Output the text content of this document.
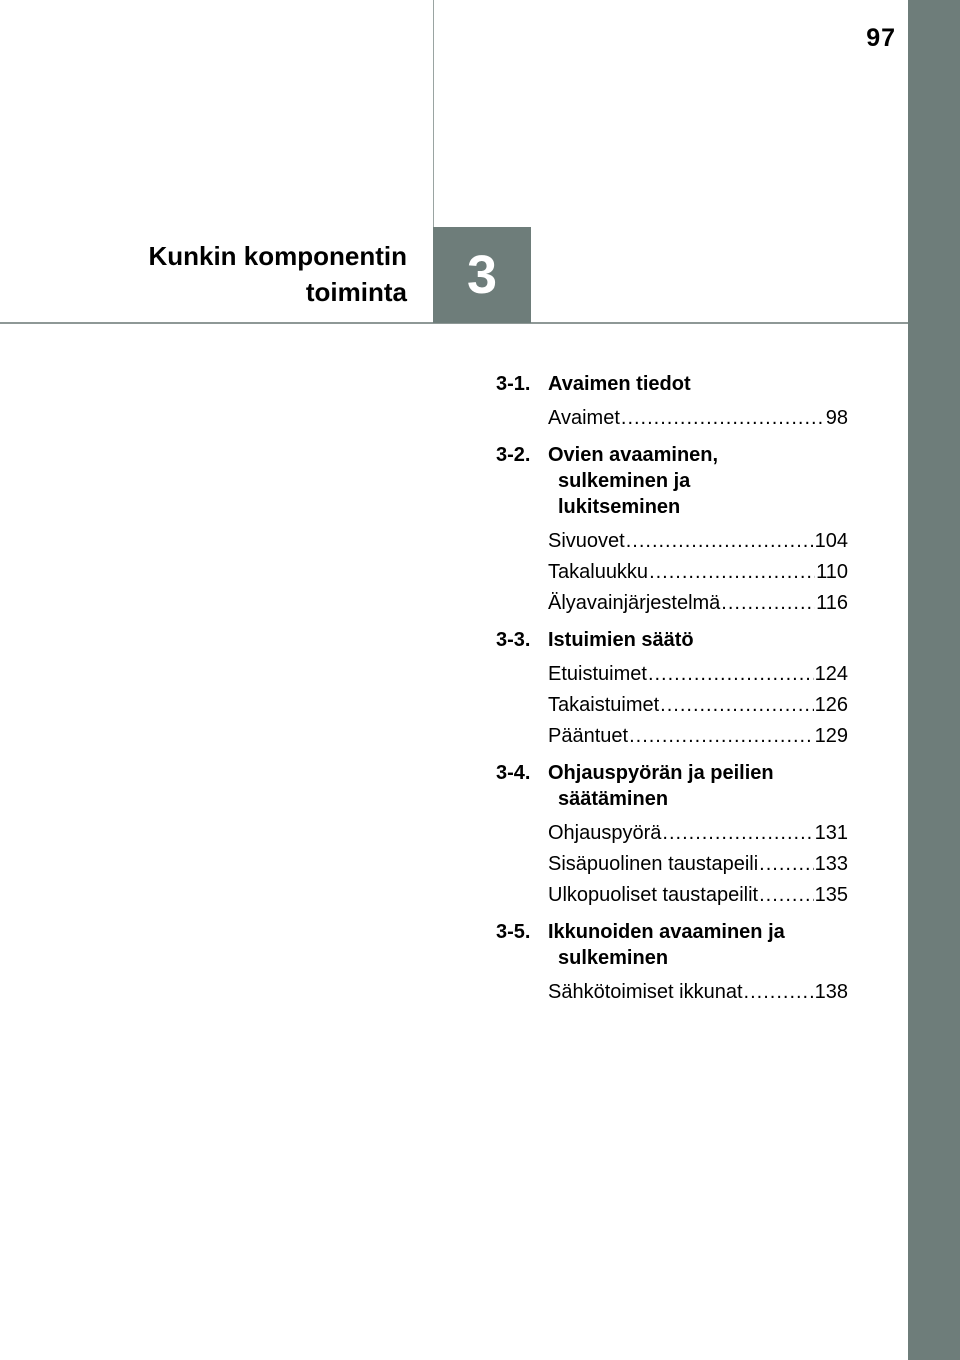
97
3
Kunkin komponentin
toiminta
3-1. Avaimen tiedot
Avaimet .....	98
3-2. Ovien avaaminen,
sulkeminen ja
lukitseminen
Sivuovet .....	104
Takaluukku .....	110
Älyavainjärjestelmä .....	116
3-3. Istuimien säätö
Etuistuimet .....	124
Takaistuimet .....	126
Pääntuet .....	129
3-4. Ohjauspyörän ja peilien
säätäminen
Ohjauspyörä .....	131
Sisäpuolinen taustapeili .....	133
Ulkopuoliset taustapeilit .....	135
3-5. Ikkunoiden avaaminen ja
sulkeminen
Sähkötoimiset ikkunat .....	138
